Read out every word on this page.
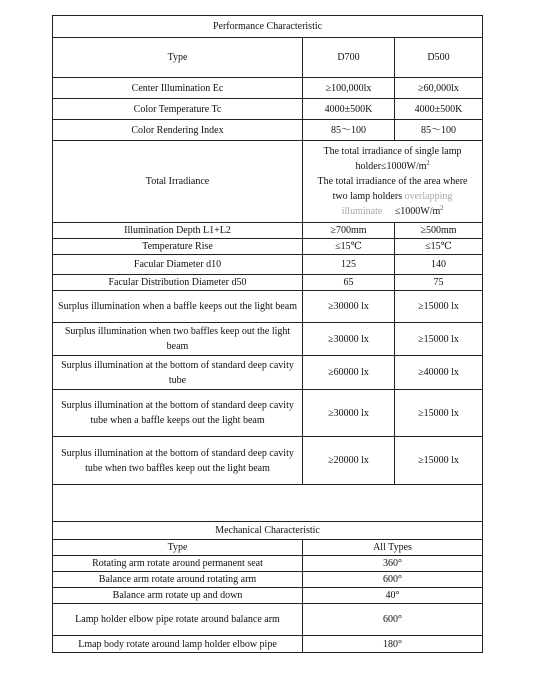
Performance Characteristic		
Type	D700	D500
Center Illumination Ec	≥100,000lx	≥60,000lx
Color Temperature Tc	4000±500K	4000±500K
Color Rendering Index	85～100	85～100
Total Irradiance	The total irradiance of single lamp
$holder\le 1000W/m^2$
The total irradiance of the area where
two lamp holders overlapping
illuminate $\le 1000W/m^2$

Illumination Depth L1+L2	≥700mm	≥500mm
Temperature Rise	≤15℃	≤15℃
Facular Diameter d10	125	140
Facular Distribution Diameter d50	65	75
Surplus illumination when a baffle keeps out the light beam	≥30000 lx	≥15000 lx
Surplus illumination when two baffles keep out the light beam	≥30000 lx	≥15000 lx
Surplus illumination at the bottom of standard deep cavity tube	≥60000 lx	≥40000 lx
Surplus illumination at the bottom of standard deep cavity tube when a baffle keeps out the light beam	≥30000 lx	≥15000 lx
Surplus illumination at the bottom of standard deep cavity tube when two baffles keep out the light beam	≥20000 lx	≥15000 lx

Mechanical Characteristic	
Type	All Types
Rotating arm rotate around permanent seat	360°
Balance arm rotate around rotating arm	600°
Balance arm rotate up and down	40°
Lamp holder elbow pipe rotate around balance arm	600°
Lmap body rotate around lamp holder elbow pipe	180°
